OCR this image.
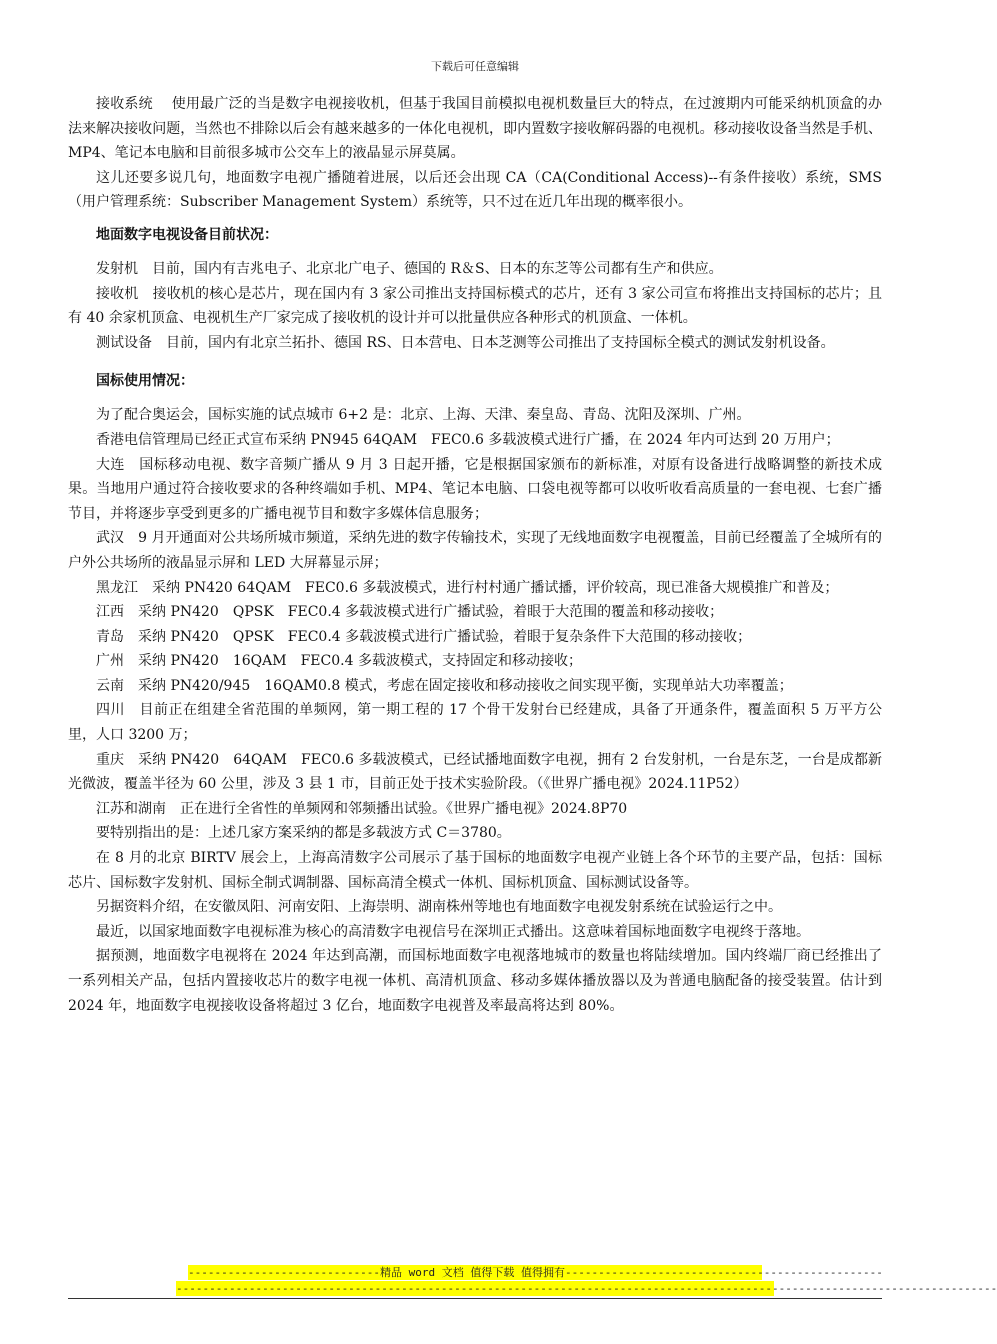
下载后可任意编辑

接收系统　 使用最广泛的当是数字电视接收机，但基于我国目前模拟电视机数量巨大的特点，在过渡期内可能采纳机顶盒的办法来解决接收问题，当然也不排除以后会有越来越多的一体化电视机，即内置数字接收解码器的电视机。移动接收设备当然是手机、MP4、笔记本电脑和目前很多城市公交车上的液晶显示屏莫属。

这儿还要多说几句，地面数字电视广播随着进展，以后还会出现 CA（CA(Conditional Access)--有条件接收）系统，SMS（用户管理系统：Subscriber Management System）系统等，只不过在近几年出现的概率很小。

地面数字电视设备目前状况：

发射机　目前，国内有吉兆电子、北京北广电子、德国的 R＆S、日本的东芝等公司都有生产和供应。

接收机　接收机的核心是芯片，现在国内有 3 家公司推出支持国标模式的芯片，还有 3 家公司宣布将推出支持国标的芯片；且有 40 余家机顶盒、电视机生产厂家完成了接收机的设计并可以批量供应各种形式的机顶盒、一体机。

测试设备　目前，国内有北京兰拓扑、德国 RS、日本营电、日本芝测等公司推出了支持国标全模式的测试发射机设备。

国标使用情况：

为了配合奥运会，国标实施的试点城市 6+2 是：北京、上海、天津、秦皇岛、青岛、沈阳及深圳、广州。

香港电信管理局已经正式宣布采纳 PN945 64QAM　FEC0.6 多载波模式进行广播，在 2024 年内可达到 20 万用户；

大连　国标移动电视、数字音频广播从 9 月 3 日起开播，它是根据国家颁布的新标准，对原有设备进行战略调整的新技术成果。当地用户通过符合接收要求的各种终端如手机、MP4、笔记本电脑、口袋电视等都可以收听收看高质量的一套电视、七套广播节目，并将逐步享受到更多的广播电视节目和数字多媒体信息服务；

武汉　9 月开通面对公共场所城市频道，采纳先进的数字传输技术，实现了无线地面数字电视覆盖，目前已经覆盖了全城所有的户外公共场所的液晶显示屏和 LED 大屏幕显示屏；

黑龙江　采纳 PN420 64QAM　FEC0.6 多载波模式，进行村村通广播试播，评价较高，现已准备大规模推广和普及；

江西　采纳 PN420　QPSK　FEC0.4 多载波模式进行广播试验，着眼于大范围的覆盖和移动接收；

青岛　采纳 PN420　QPSK　FEC0.4 多载波模式进行广播试验，着眼于复杂条件下大范围的移动接收；

广州　采纳 PN420　16QAM　FEC0.4 多载波模式，支持固定和移动接收；

云南　采纳 PN420/945　16QAM0.8 模式，考虑在固定接收和移动接收之间实现平衡，实现单站大功率覆盖；

四川　目前正在组建全省范围的单频网，第一期工程的 17 个骨干发射台已经建成，具备了开通条件，覆盖面积 5 万平方公里，人口 3200 万；

重庆　采纳 PN420　64QAM　FEC0.6 多载波模式，已经试播地面数字电视，拥有 2 台发射机，一台是东芝，一台是成都新光微波，覆盖半径为 60 公里，涉及 3 县 1 市，目前正处于技术实验阶段。（《世界广播电视》2024.11P52）

江苏和湖南　正在进行全省性的单频网和邻频播出试验。《世界广播电视》2024.8P70

要特别指出的是：上述几家方案采纳的都是多载波方式 C＝3780。

在 8 月的北京 BIRTV 展会上，上海高清数字公司展示了基于国标的地面数字电视产业链上各个环节的主要产品，包括：国标芯片、国标数字发射机、国标全制式调制器、国标高清全模式一体机、国标机顶盒、国标测试设备等。

另据资料介绍，在安徽凤阳、河南安阳、上海崇明、湖南株州等地也有地面数字电视发射系统在试验运行之中。

最近，以国家地面数字电视标准为核心的高清数字电视信号在深圳正式播出。这意味着国标地面数字电视终于落地。

据预测，地面数字电视将在 2024 年达到高潮，而国标地面数字电视落地城市的数量也将陆续增加。国内终端厂商已经推出了一系列相关产品，包括内置接收芯片的数字电视一体机、高清机顶盒、移动多媒体播放器以及为普通电脑配备的接受装置。估计到 2024 年，地面数字电视接收设备将超过 3 亿台，地面数字电视普及率最高将达到 80%。

-----------------------------精品 word 文档 值得下载 值得拥有------------------------------------------------
----------------------------------------------------------------------------------------------------------------------------
